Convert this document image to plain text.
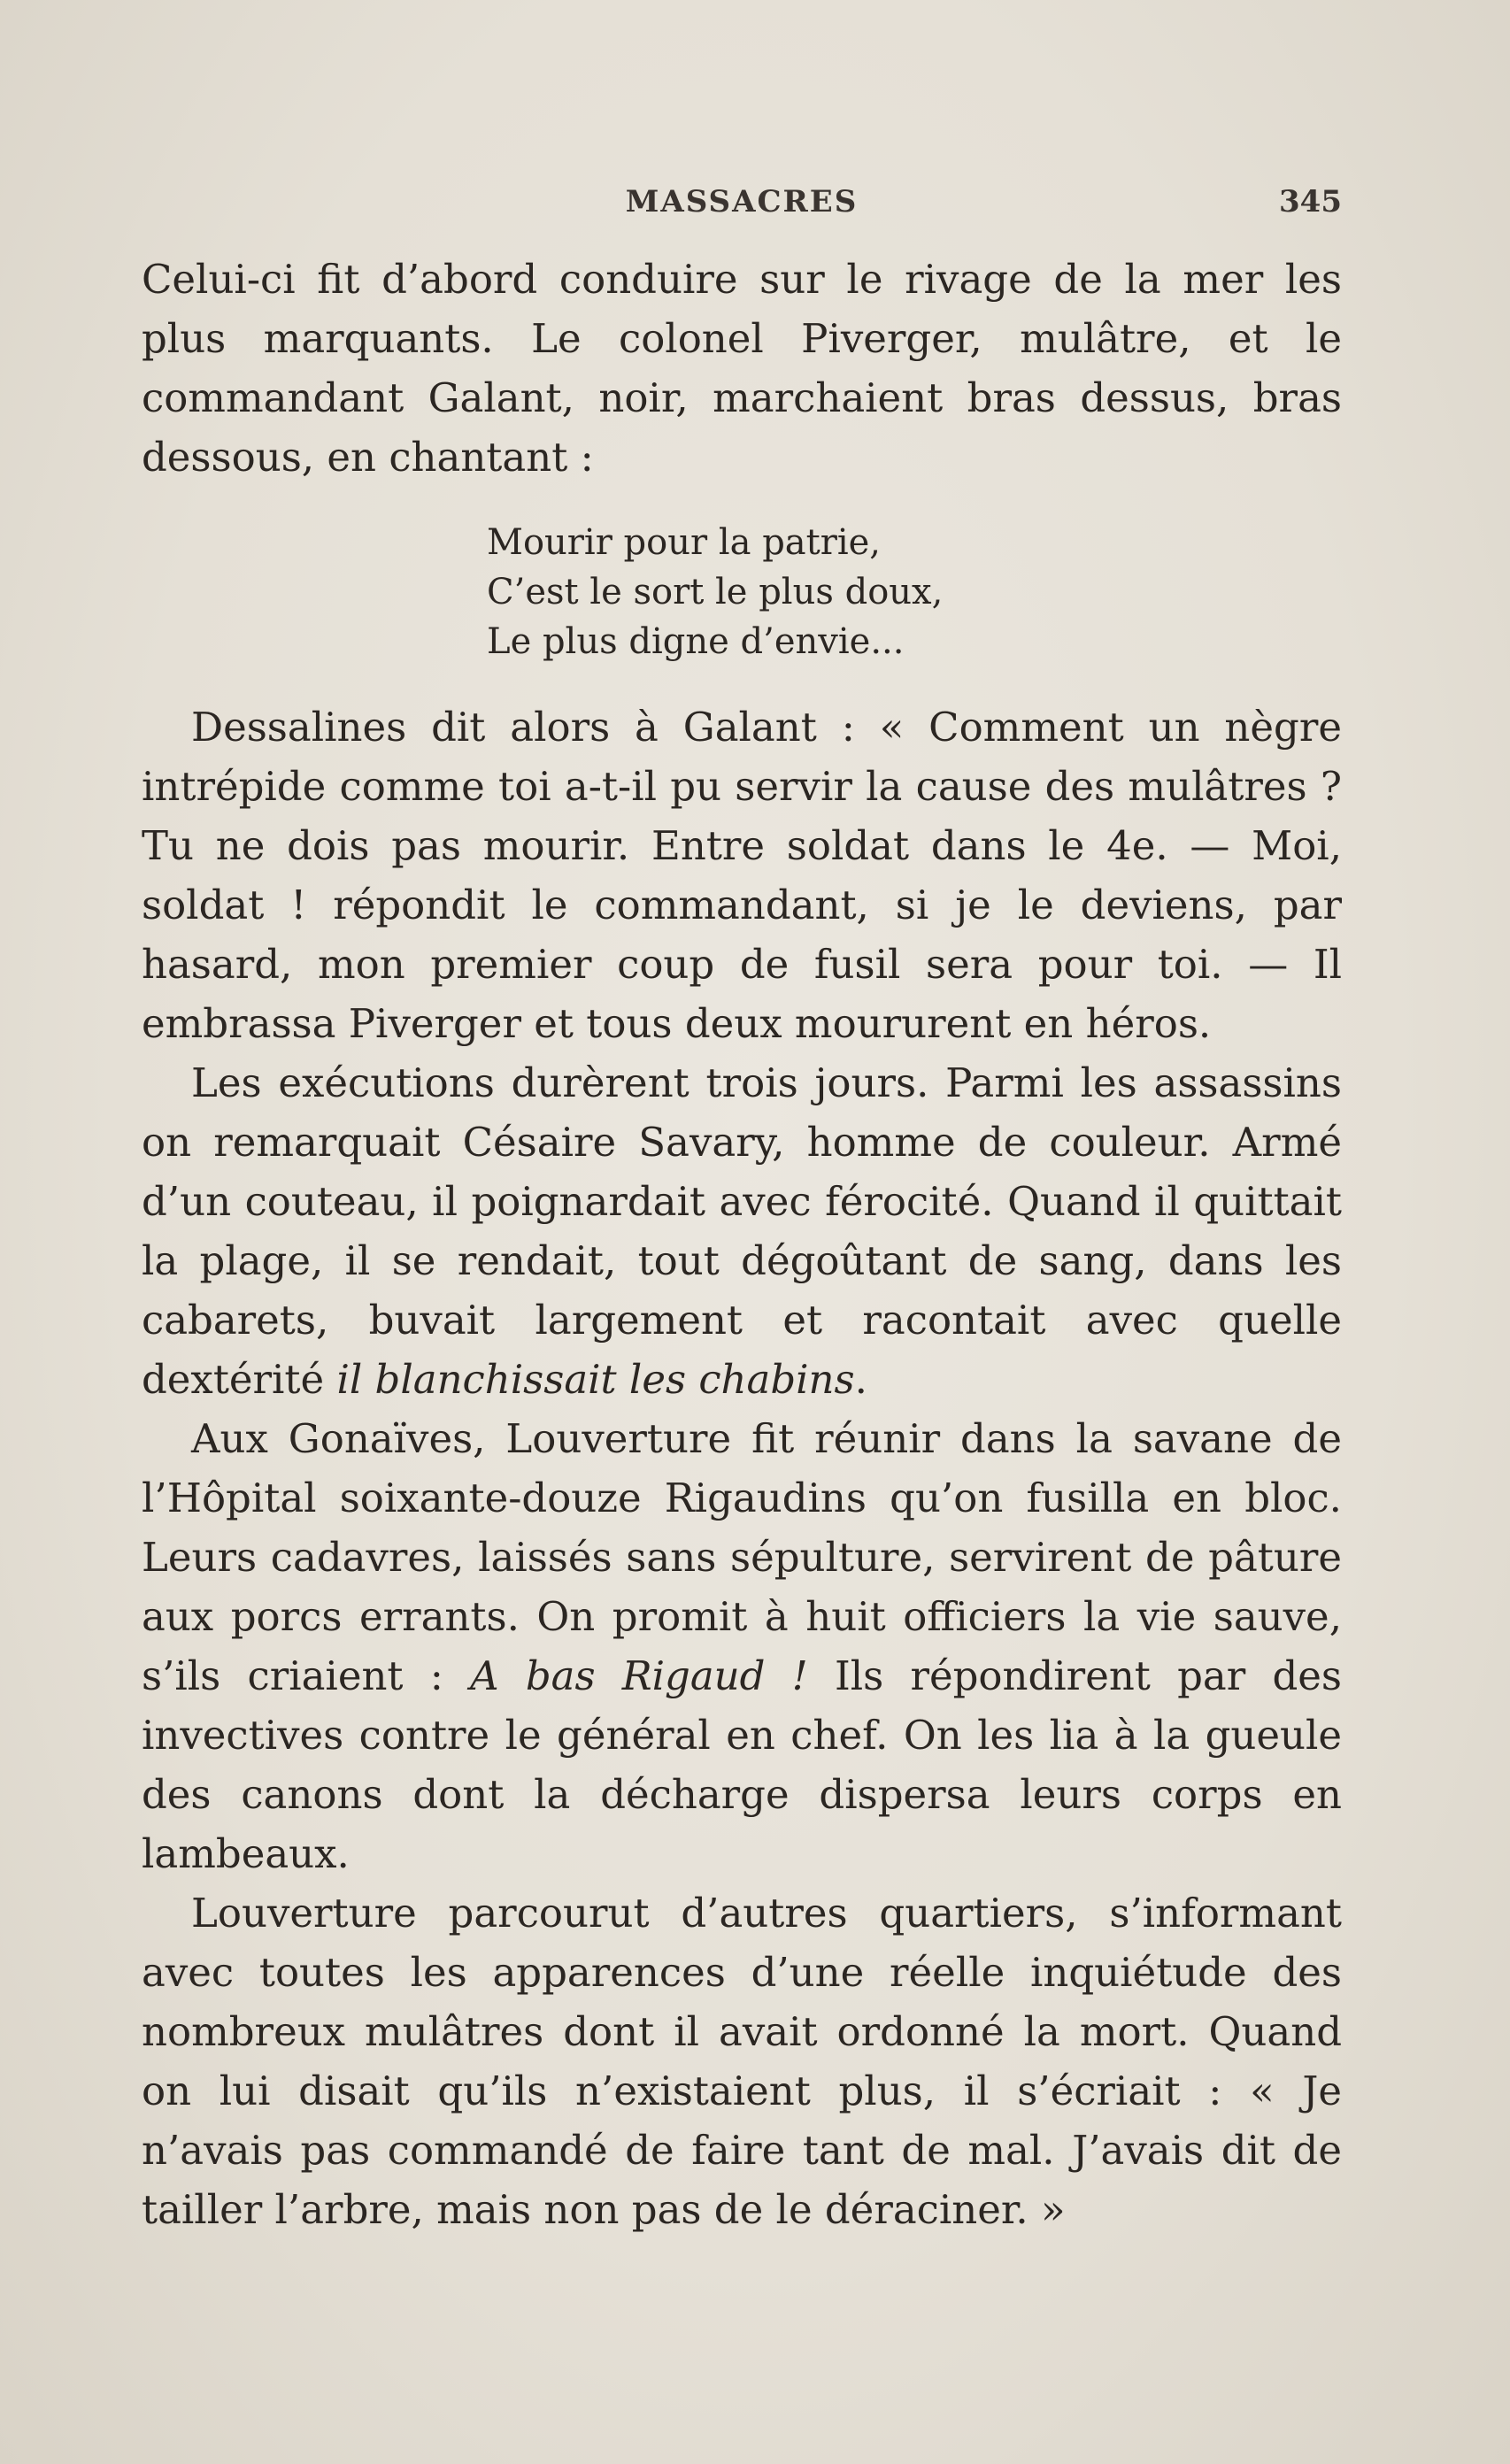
MASSACRES	345

Celui-ci fit d’abord conduire sur le rivage de la mer les plus marquants. Le colonel Piverger, mulâtre, et le commandant Galant, noir, marchaient bras dessus, bras dessous, en chantant :

Mourir pour la patrie,
C’est le sort le plus doux,
Le plus digne d’envie...

Dessalines dit alors à Galant : « Comment un nègre intrépide comme toi a-t-il pu servir la cause des mulâtres ? Tu ne dois pas mourir. Entre soldat dans le 4e. — Moi, soldat ! répondit le commandant, si je le deviens, par hasard, mon premier coup de fusil sera pour toi. — Il embrassa Piverger et tous deux moururent en héros.

Les exécutions durèrent trois jours. Parmi les assassins on remarquait Césaire Savary, homme de couleur. Armé d’un couteau, il poignardait avec férocité. Quand il quittait la plage, il se rendait, tout dégoûtant de sang, dans les cabarets, buvait largement et racontait avec quelle dextérité il blanchissait les chabins.

Aux Gonaïves, Louverture fit réunir dans la savane de l’Hôpital soixante-douze Rigaudins qu’on fusilla en bloc. Leurs cadavres, laissés sans sépulture, servirent de pâture aux porcs errants. On promit à huit officiers la vie sauve, s’ils criaient : A bas Rigaud ! Ils répondirent par des invectives contre le général en chef. On les lia à la gueule des canons dont la décharge dispersa leurs corps en lambeaux.

Louverture parcourut d’autres quartiers, s’informant avec toutes les apparences d’une réelle inquiétude des nombreux mulâtres dont il avait ordonné la mort. Quand on lui disait qu’ils n’existaient plus, il s’écriait : « Je n’avais pas commandé de faire tant de mal. J’avais dit de tailler l’arbre, mais non pas de le déraciner. »
